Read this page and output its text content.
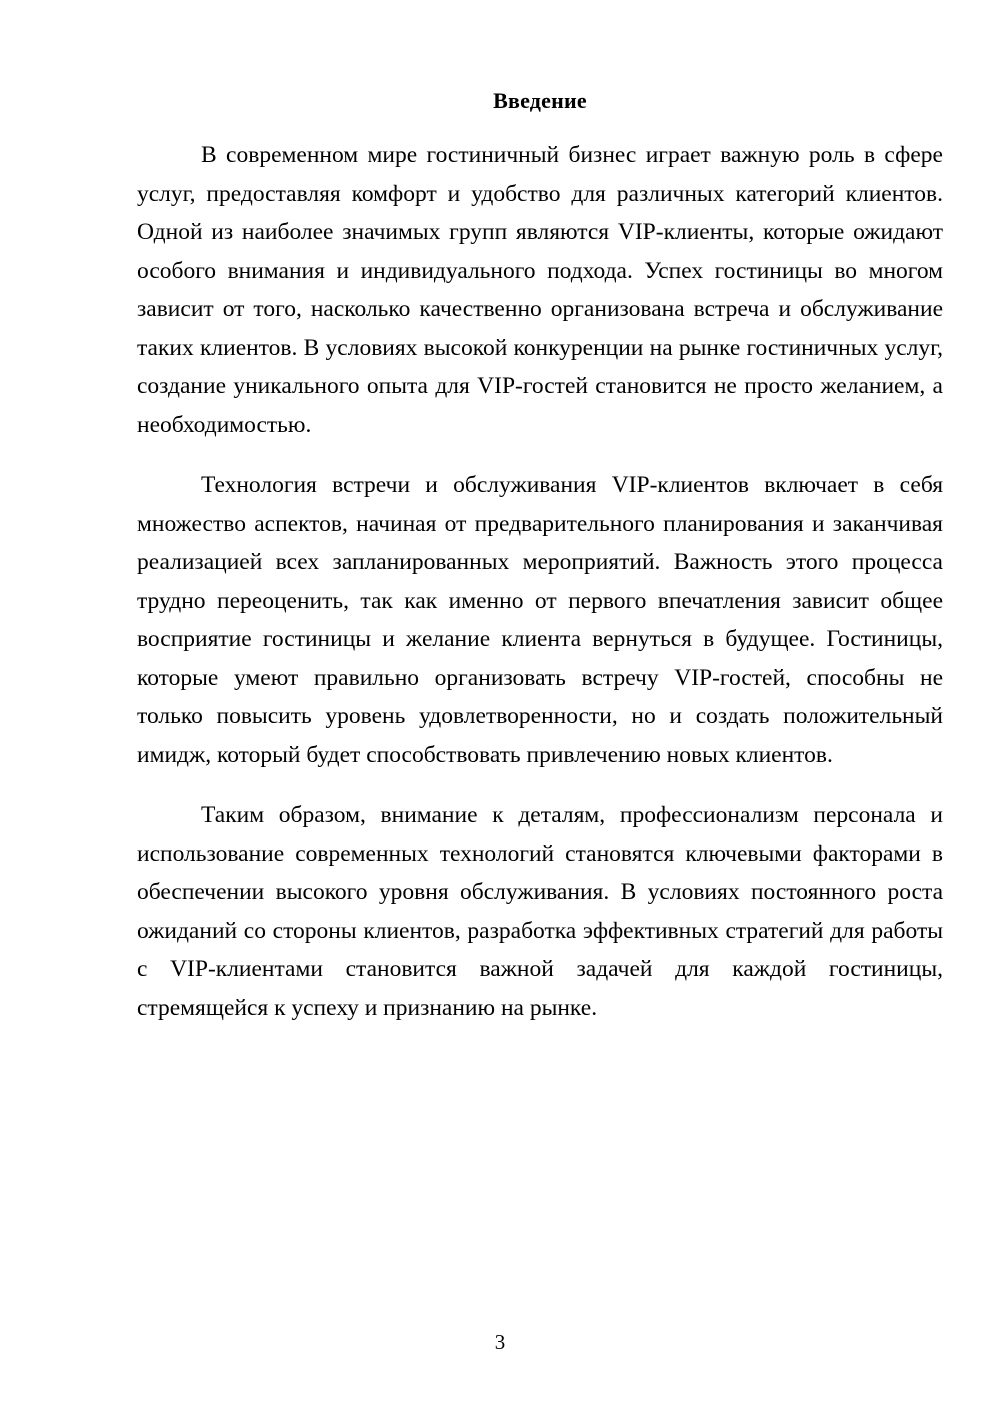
Введение

В современном мире гостиничный бизнес играет важную роль в сфере услуг, предоставляя комфорт и удобство для различных категорий клиентов. Одной из наиболее значимых групп являются VIP-клиенты, которые ожидают особого внимания и индивидуального подхода. Успех гостиницы во многом зависит от того, насколько качественно организована встреча и обслуживание таких клиентов. В условиях высокой конкуренции на рынке гостиничных услуг, создание уникального опыта для VIP-гостей становится не просто желанием, а необходимостью.

Технология встречи и обслуживания VIP-клиентов включает в себя множество аспектов, начиная от предварительного планирования и заканчивая реализацией всех запланированных мероприятий. Важность этого процесса трудно переоценить, так как именно от первого впечатления зависит общее восприятие гостиницы и желание клиента вернуться в будущее. Гостиницы, которые умеют правильно организовать встречу VIP-гостей, способны не только повысить уровень удовлетворенности, но и создать положительный имидж, который будет способствовать привлечению новых клиентов.

Таким образом, внимание к деталям, профессионализм персонала и использование современных технологий становятся ключевыми факторами в обеспечении высокого уровня обслуживания. В условиях постоянного роста ожиданий со стороны клиентов, разработка эффективных стратегий для работы с VIP-клиентами становится важной задачей для каждой гостиницы, стремящейся к успеху и признанию на рынке.

3
